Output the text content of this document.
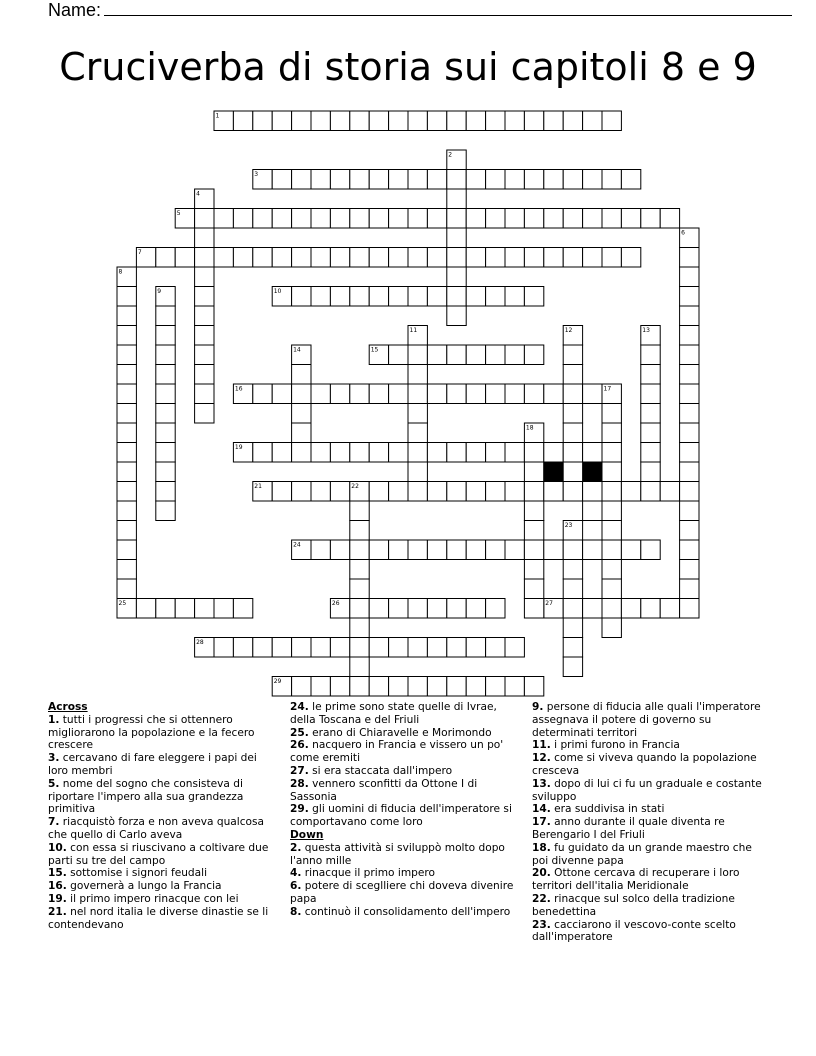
Name:
Cruciverba di storia sui capitoli 8 e 9
1
3
5
7
10
15
16
19
21
24
25	26	27
28
29
2
4
6
8
9
11	12	13
14
17
18
20
22
23
Across
1. tutti i progressi che si ottennero migliorarono la popolazione e la fecero crescere
3. cercavano di fare eleggere i papi dei loro membri
5. nome del sogno che consisteva di riportare l'impero alla sua grandezza primitiva
7. riacquistò forza e non aveva qualcosa che quello di Carlo aveva
10. con essa si riuscivano a coltivare due parti su tre del campo
15. sottomise i signori feudali
16. governerà a lungo la Francia
19. il primo impero rinacque con lei
21. nel nord italia le diverse dinastie se li contendevano
24. le prime sono state quelle di Ivrae, della Toscana e del Friuli
25. erano di Chiaravelle e Morimondo
26. nacquero in Francia e vissero un po' come eremiti
27. si era staccata dall'impero
28. vennero sconfitti da Ottone I di Sassonia
29. gli uomini di fiducia dell'imperatore si comportavano come loro
Down
2. questa attività si sviluppò molto dopo l'anno mille
4. rinacque il primo impero
6. potere di sceglliere chi doveva divenire papa
8. continuò il consolidamento dell'impero
9. persone di fiducia alle quali l'imperatore assegnava il potere di governo su determinati territori
11. i primi furono in Francia
12. come si viveva quando la popolazione cresceva
13. dopo di lui ci fu un graduale e costante sviluppo
14. era suddivisa in stati
17. anno durante il quale diventa re Berengario I del Friuli
18. fu guidato da un grande maestro che poi divenne papa
20. Ottone cercava di recuperare i loro territori dell'italia Meridionale
22. rinacque sul solco della tradizione benedettina
23. cacciarono il vescovo-conte scelto dall'imperatore
